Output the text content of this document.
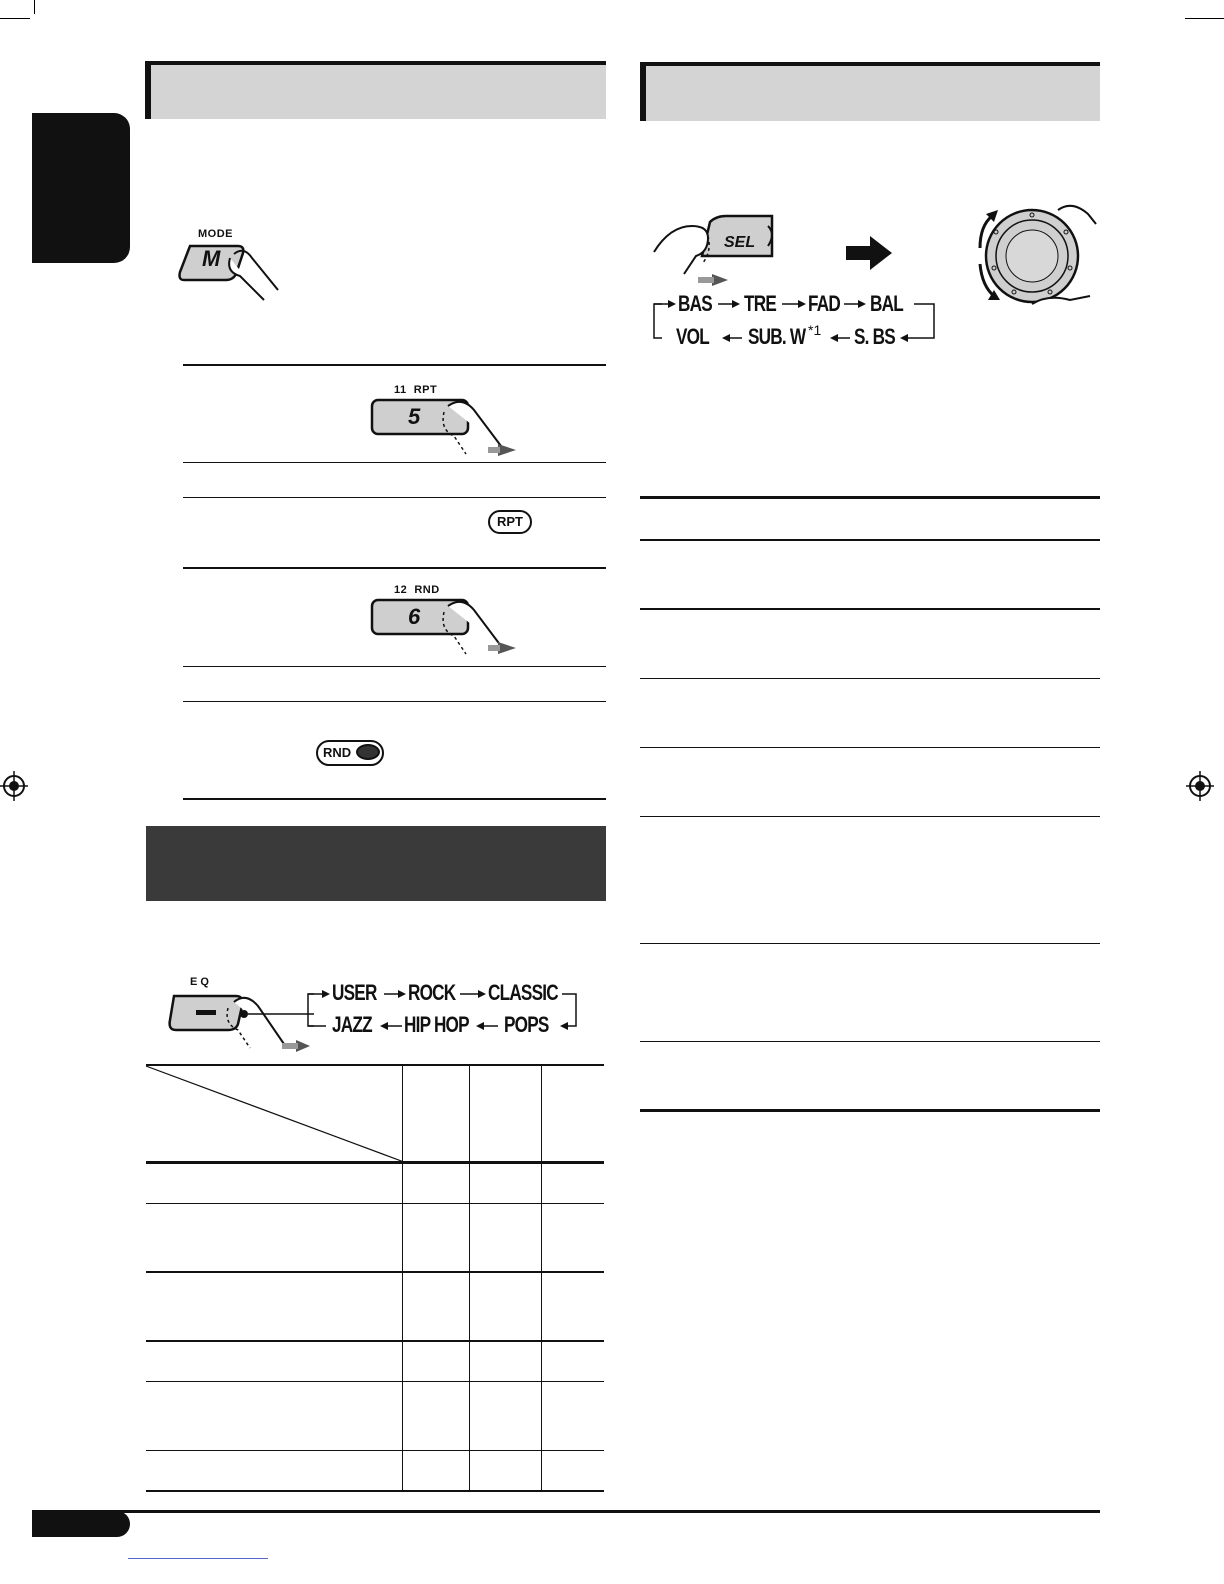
MODE
M
11  RPT
5
RPT
12  RND
6
RND
EQ	USER ROCK CLASSIC
JAZZ HIP HOP POPS
SEL
BAS TRE FAD BAL
VOL SUB. W *1 S. BS
